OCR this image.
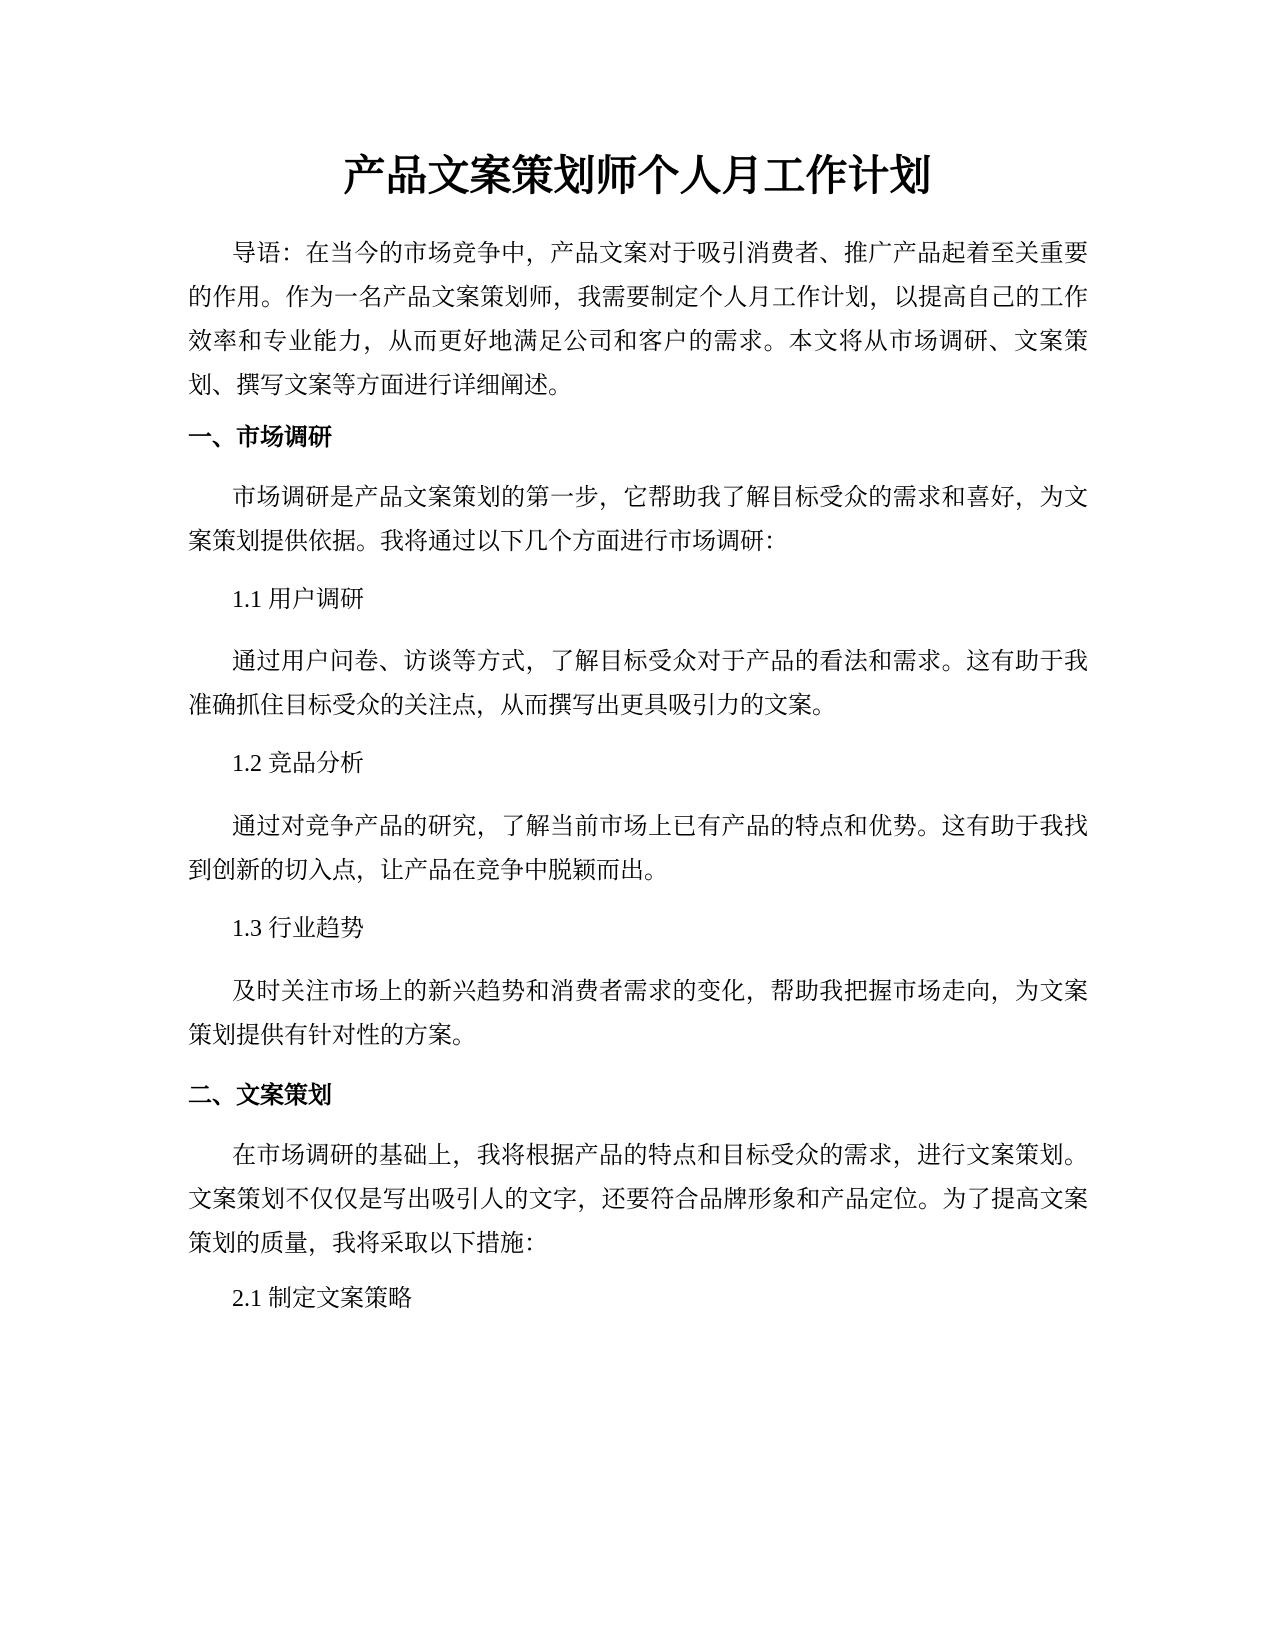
产品文案策划师个人月工作计划

导语：在当今的市场竞争中，产品文案对于吸引消费者、推广产品起着至关重要的作用。作为一名产品文案策划师，我需要制定个人月工作计划，以提高自己的工作效率和专业能力，从而更好地满足公司和客户的需求。本文将从市场调研、文案策划、撰写文案等方面进行详细阐述。

一、市场调研

市场调研是产品文案策划的第一步，它帮助我了解目标受众的需求和喜好，为文案策划提供依据。我将通过以下几个方面进行市场调研：

1.1 用户调研

通过用户问卷、访谈等方式，了解目标受众对于产品的看法和需求。这有助于我准确抓住目标受众的关注点，从而撰写出更具吸引力的文案。

1.2 竞品分析

通过对竞争产品的研究，了解当前市场上已有产品的特点和优势。这有助于我找到创新的切入点，让产品在竞争中脱颖而出。

1.3 行业趋势

及时关注市场上的新兴趋势和消费者需求的变化，帮助我把握市场走向，为文案策划提供有针对性的方案。

二、文案策划

在市场调研的基础上，我将根据产品的特点和目标受众的需求，进行文案策划。文案策划不仅仅是写出吸引人的文字，还要符合品牌形象和产品定位。为了提高文案策划的质量，我将采取以下措施：

2.1 制定文案策略
